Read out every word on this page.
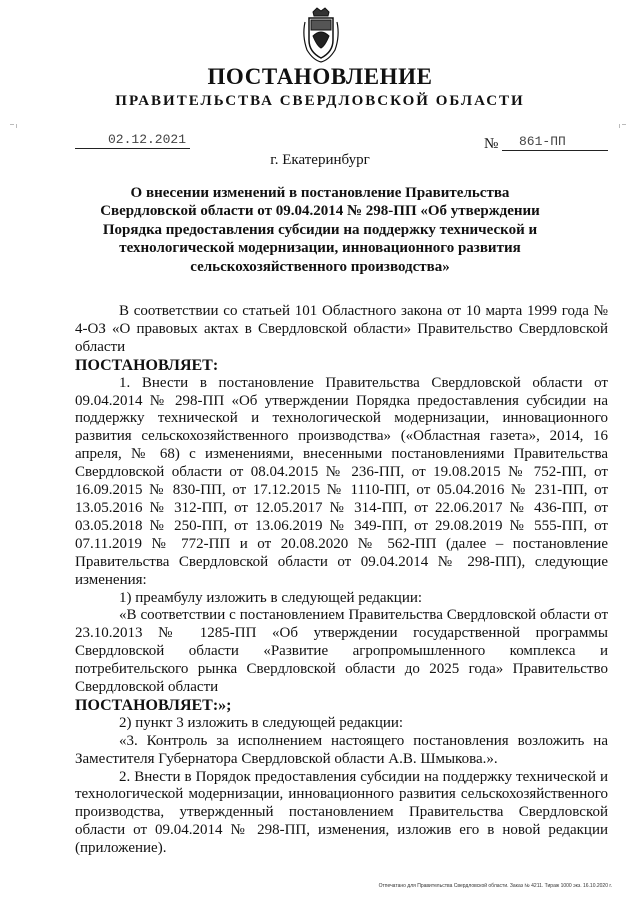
ПОСТАНОВЛЕНИЕ
ПРАВИТЕЛЬСТВА СВЕРДЛОВСКОЙ ОБЛАСТИ
02.12.2021	№ 861-ПП
г. Екатеринбург
О внесении изменений в постановление Правительства Свердловской области от 09.04.2014 № 298-ПП «Об утверждении Порядка предоставления субсидии на поддержку технической и технологической модернизации, инновационного развития сельскохозяйственного производства»
В соответствии со статьей 101 Областного закона от 10 марта 1999 года № 4-ОЗ «О правовых актах в Свердловской области» Правительство Свердловской области
ПОСТАНОВЛЯЕТ:
1. Внести в постановление Правительства Свердловской области от 09.04.2014 № 298-ПП «Об утверждении Порядка предоставления субсидии на поддержку технической и технологической модернизации, инновационного развития сельскохозяйственного производства» («Областная газета», 2014, 16 апреля, № 68) с изменениями, внесенными постановлениями Правительства Свердловской области от 08.04.2015 № 236-ПП, от 19.08.2015 № 752-ПП, от 16.09.2015 № 830-ПП, от 17.12.2015 № 1110-ПП, от 05.04.2016 № 231-ПП, от 13.05.2016 № 312-ПП, от 12.05.2017 № 314-ПП, от 22.06.2017 № 436-ПП, от 03.05.2018 № 250-ПП, от 13.06.2019 № 349-ПП, от 29.08.2019 № 555-ПП, от 07.11.2019 № 772-ПП и от 20.08.2020 № 562-ПП (далее – постановление Правительства Свердловской области от 09.04.2014 № 298-ПП), следующие изменения:
1) преамбулу изложить в следующей редакции:
«В соответствии с постановлением Правительства Свердловской области от 23.10.2013 № 1285-ПП «Об утверждении государственной программы Свердловской области «Развитие агропромышленного комплекса и потребительского рынка Свердловской области до 2025 года» Правительство Свердловской области
ПОСТАНОВЛЯЕТ:»;
2) пункт 3 изложить в следующей редакции:
«3. Контроль за исполнением настоящего постановления возложить на Заместителя Губернатора Свердловской области А.В. Шмыкова.».
2. Внести в Порядок предоставления субсидии на поддержку технической и технологической модернизации, инновационного развития сельскохозяйственного производства, утвержденный постановлением Правительства Свердловской области от 09.04.2014 № 298-ПП, изменения, изложив его в новой редакции (приложение).
Отпечатано для Правительства Свердловской области. Заказ № 4211. Тираж 1000 экз. 16.10.2020 г.
